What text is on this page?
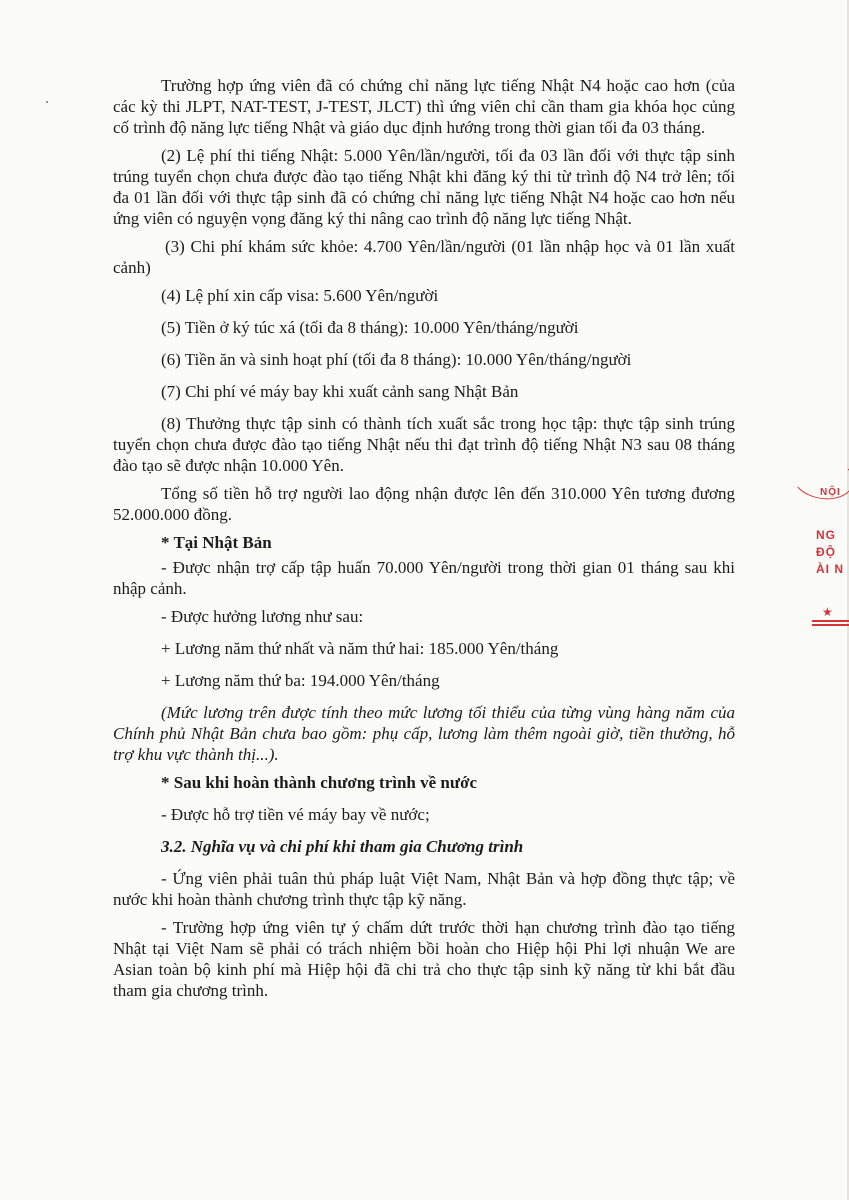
Trường hợp ứng viên đã có chứng chỉ năng lực tiếng Nhật N4 hoặc cao hơn (của các kỳ thi JLPT, NAT-TEST, J-TEST, JLCT) thì ứng viên chỉ cần tham gia khóa học củng cố trình độ năng lực tiếng Nhật và giáo dục định hướng trong thời gian tối đa 03 tháng.

(2) Lệ phí thi tiếng Nhật: 5.000 Yên/lần/người, tối đa 03 lần đối với thực tập sinh trúng tuyển chọn chưa được đào tạo tiếng Nhật khi đăng ký thi từ trình độ N4 trở lên; tối đa 01 lần đối với thực tập sinh đã có chứng chỉ năng lực tiếng Nhật N4 hoặc cao hơn nếu ứng viên có nguyện vọng đăng ký thi nâng cao trình độ năng lực tiếng Nhật.

(3) Chi phí khám sức khỏe: 4.700 Yên/lần/người (01 lần nhập học và 01 lần xuất cảnh)

(4) Lệ phí xin cấp visa: 5.600 Yên/người

(5) Tiền ở ký túc xá (tối đa 8 tháng): 10.000 Yên/tháng/người

(6) Tiền ăn và sinh hoạt phí (tối đa 8 tháng): 10.000 Yên/tháng/người

(7) Chi phí vé máy bay khi xuất cảnh sang Nhật Bản

(8) Thưởng thực tập sinh có thành tích xuất sắc trong học tập: thực tập sinh trúng tuyển chọn chưa được đào tạo tiếng Nhật nếu thi đạt trình độ tiếng Nhật N3 sau 08 tháng đào tạo sẽ được nhận 10.000 Yên.

Tổng số tiền hỗ trợ người lao động nhận được lên đến 310.000 Yên tương đương 52.000.000 đồng.

* Tại Nhật Bản

- Được nhận trợ cấp tập huấn 70.000 Yên/người trong thời gian 01 tháng sau khi nhập cảnh.

- Được hưởng lương như sau:

+ Lương năm thứ nhất và năm thứ hai: 185.000 Yên/tháng

+ Lương năm thứ ba: 194.000 Yên/tháng

(Mức lương trên được tính theo mức lương tối thiểu của từng vùng hàng năm của Chính phủ Nhật Bản chưa bao gồm: phụ cấp, lương làm thêm ngoài giờ, tiền thưởng, hỗ trợ khu vực thành thị...).

* Sau khi hoàn thành chương trình về nước

- Được hỗ trợ tiền vé máy bay về nước;

3.2. Nghĩa vụ và chi phí khi tham gia Chương trình

- Ứng viên phải tuân thủ pháp luật Việt Nam, Nhật Bản và hợp đồng thực tập; về nước khi hoàn thành chương trình thực tập kỹ năng.

- Trường hợp ứng viên tự ý chấm dứt trước thời hạn chương trình đào tạo tiếng Nhật tại Việt Nam sẽ phải có trách nhiệm bồi hoàn cho Hiệp hội Phi lợi nhuận We are Asian toàn bộ kinh phí mà Hiệp hội đã chi trả cho thực tập sinh kỹ năng từ khi bắt đầu tham gia chương trình.

NỘI
NG
ĐỘ
ÀI N
★
